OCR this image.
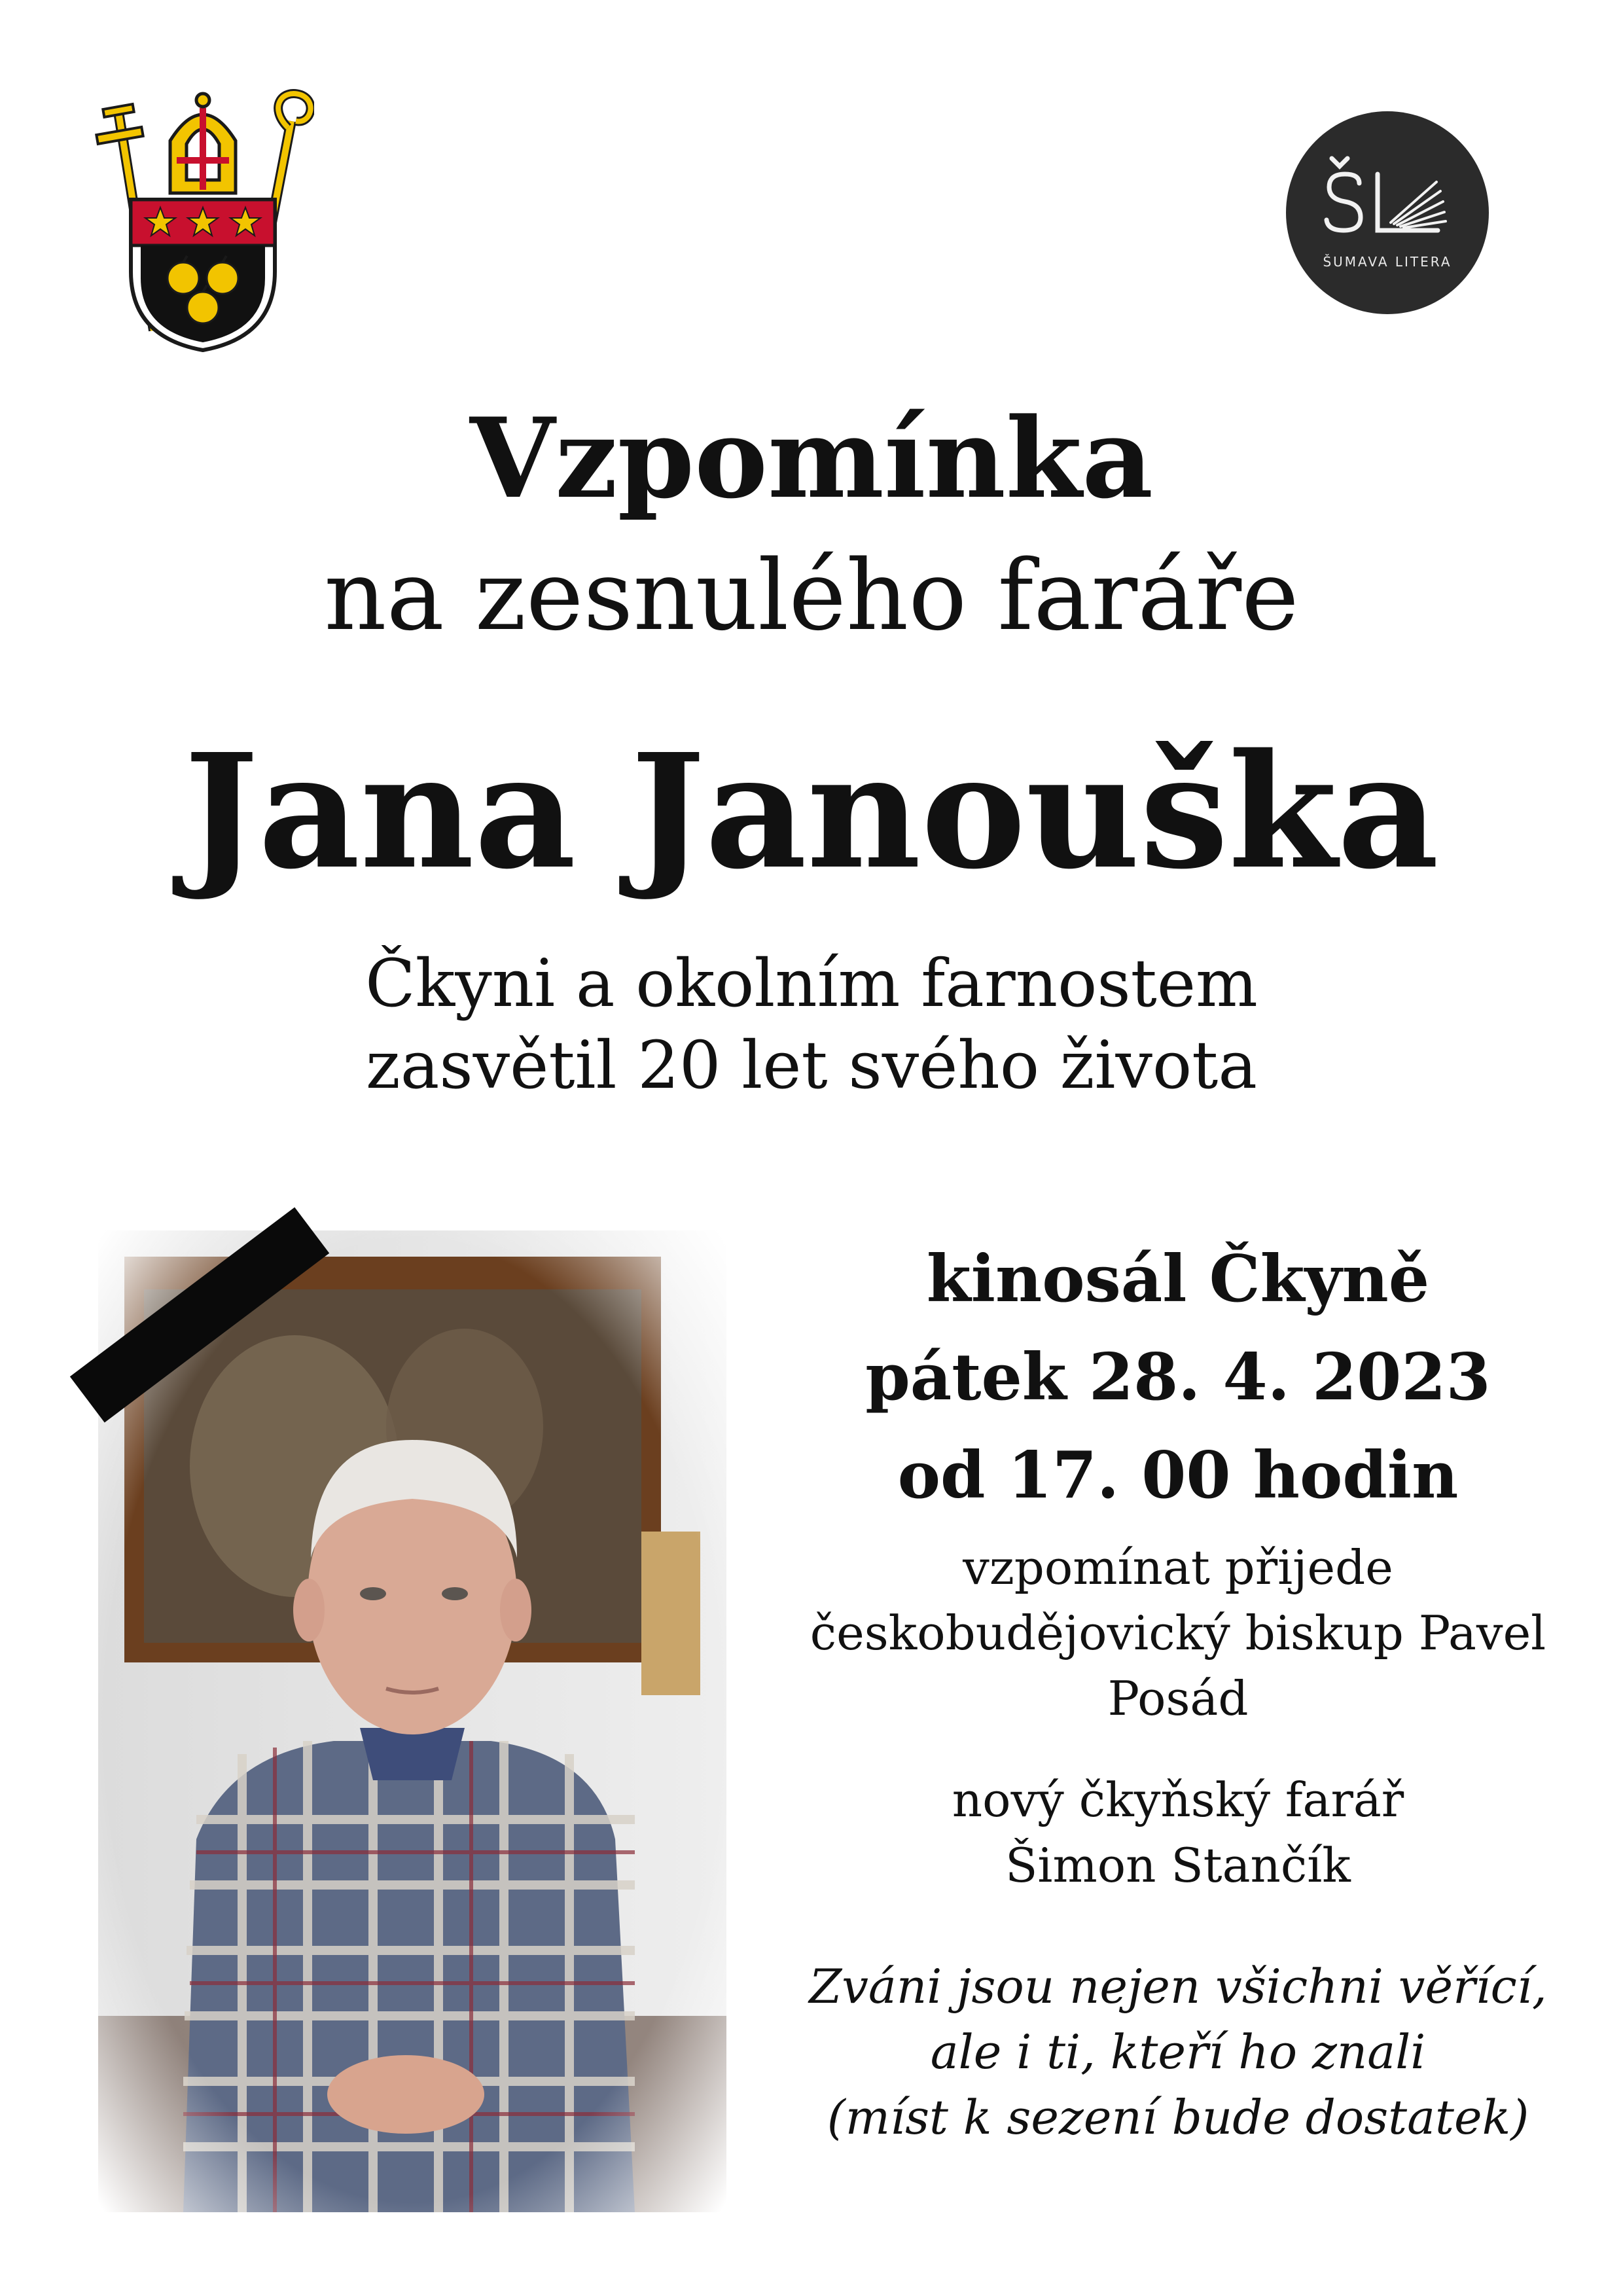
ŠUMAVA LITERA
Vzpomínka
na zesnulého faráře
Jana Janouška
Čkyni a okolním farnostem
zasvětil 20 let svého života
kinosál Čkyně
pátek 28. 4. 2023
od 17. 00 hodin
vzpomínat přijede
českobudějovický biskup Pavel
Posád
nový čkyňský farář
Šimon Stančík
Zváni jsou nejen všichni věřící,
ale i ti, kteří ho znali
(míst k sezení bude dostatek)
